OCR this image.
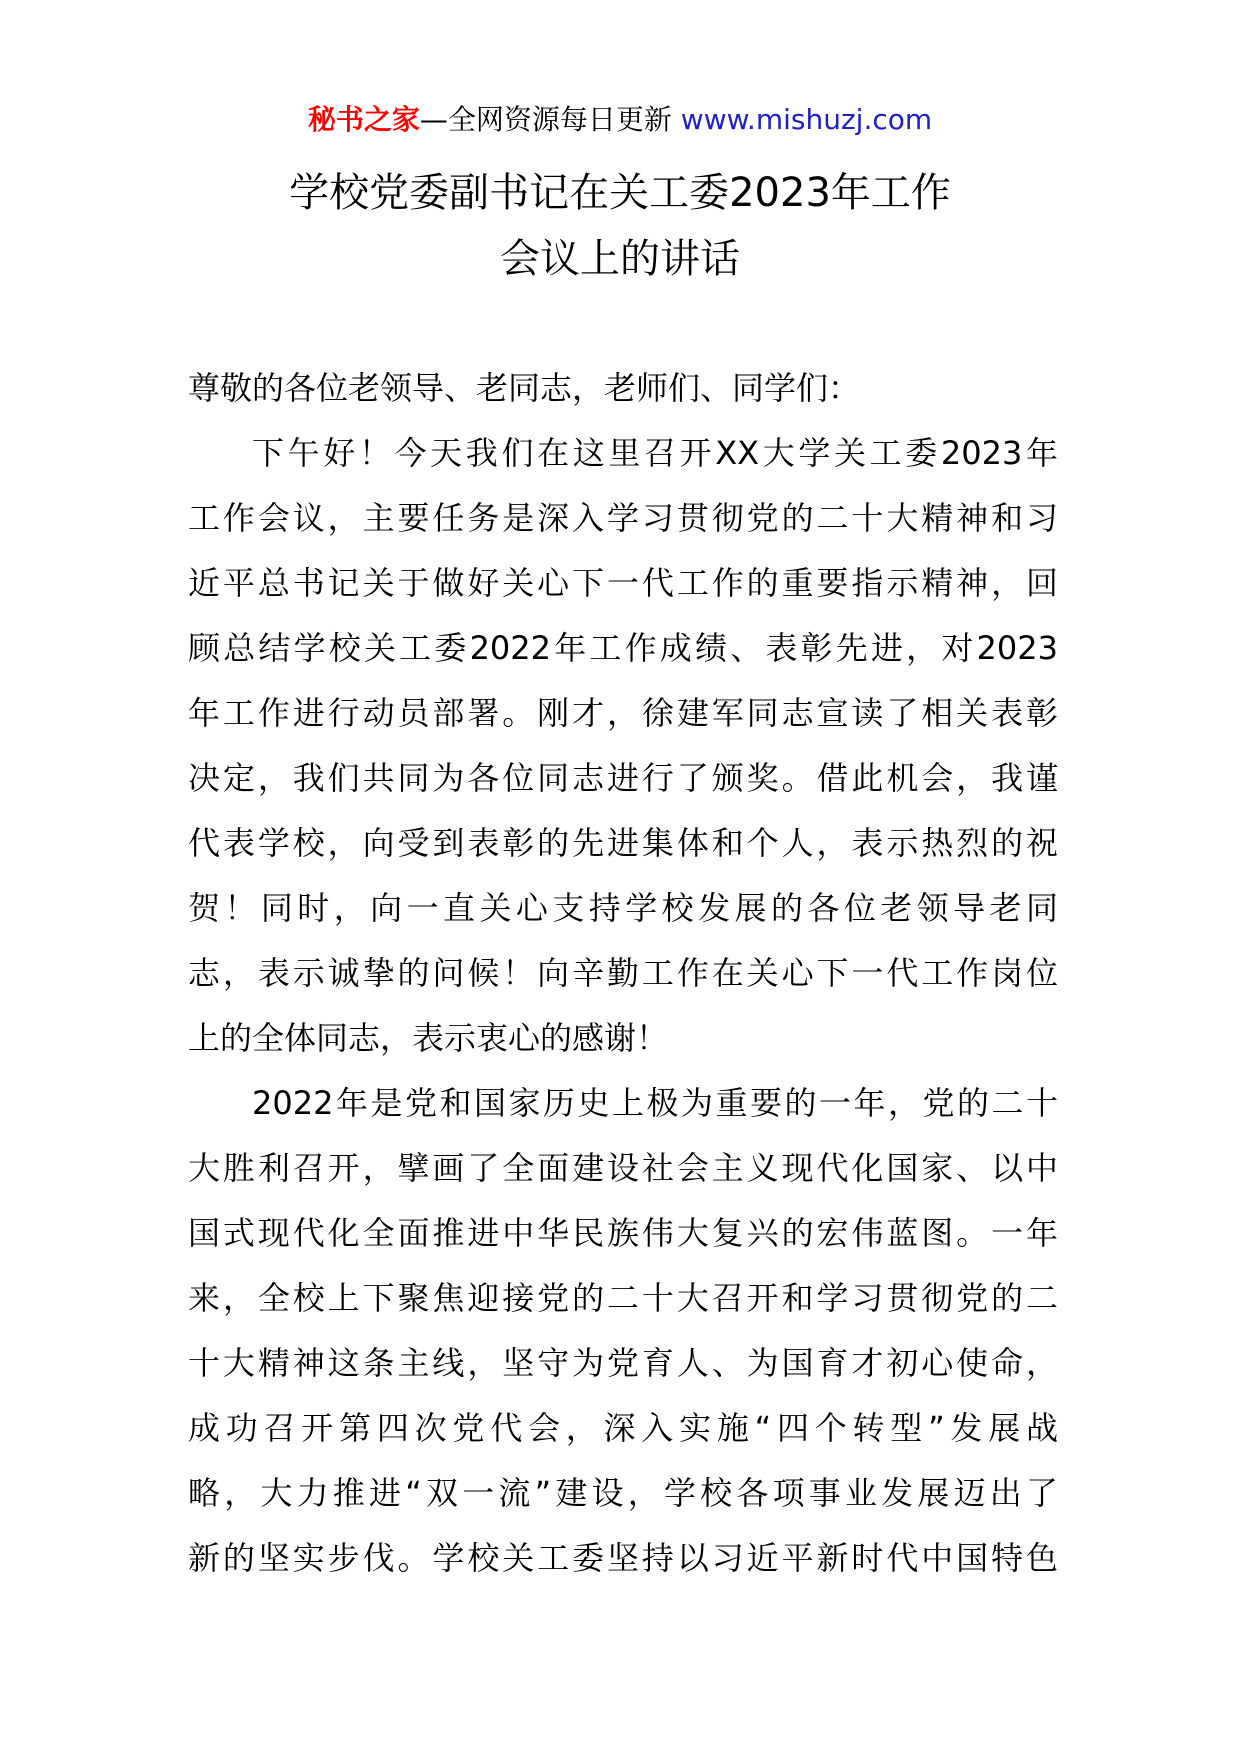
秘书之家—全网资源每日更新 www.mishuzj.com
学校党委副书记在关工委2023年工作
会议上的讲话
尊敬的各位老领导、老同志，老师们、同学们：
下午好！今天我们在这里召开XX大学关工委2023年
工作会议，主要任务是深入学习贯彻党的二十大精神和习
近平总书记关于做好关心下一代工作的重要指示精神，回
顾总结学校关工委2022年工作成绩、表彰先进，对2023
年工作进行动员部署。刚才，徐建军同志宣读了相关表彰
决定，我们共同为各位同志进行了颁奖。借此机会，我谨
代表学校，向受到表彰的先进集体和个人，表示热烈的祝
贺！同时，向一直关心支持学校发展的各位老领导老同
志，表示诚挚的问候！向辛勤工作在关心下一代工作岗位
上的全体同志，表示衷心的感谢！
2022年是党和国家历史上极为重要的一年，党的二十
大胜利召开，擘画了全面建设社会主义现代化国家、以中
国式现代化全面推进中华民族伟大复兴的宏伟蓝图。一年
来，全校上下聚焦迎接党的二十大召开和学习贯彻党的二
十大精神这条主线，坚守为党育人、为国育才初心使命，
成功召开第四次党代会，深入实施“四个转型”发展战
略，大力推进“双一流”建设，学校各项事业发展迈出了
新的坚实步伐。学校关工委坚持以习近平新时代中国特色
